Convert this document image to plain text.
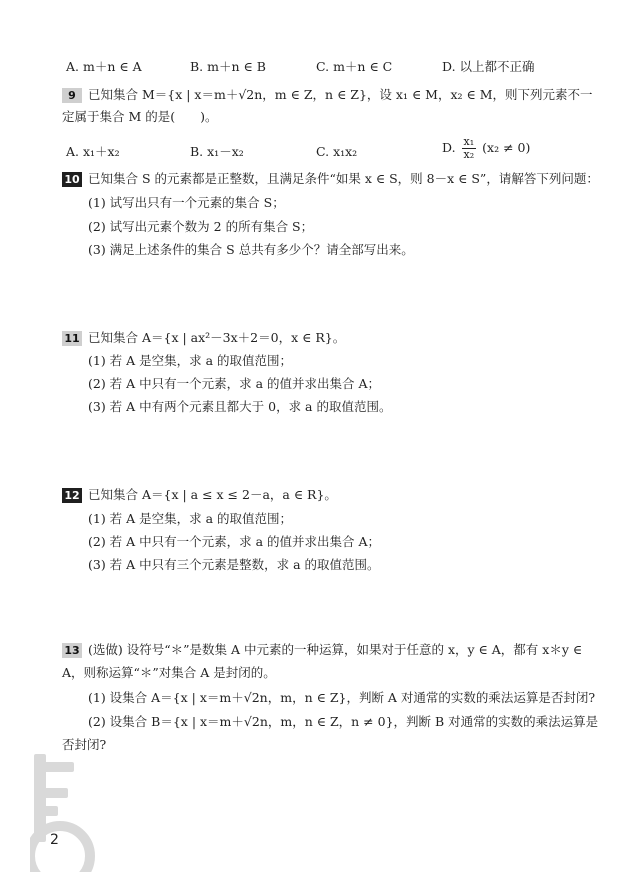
A. m＋n ∈ A	B. m＋n ∈ B	C. m＋n ∈ C	D. 以上都不正确
9 已知集合 M＝{x | x＝m＋√2n，m ∈ Z，n ∈ Z}，设 x₁ ∈ M，x₂ ∈ M，则下列元素不一
定属于集合 M 的是(　　)。
A. x₁＋x₂	B. x₁－x₂	C. x₁x₂	D. $\frac{\text{x₁}}{\text{x₂}} (x_2 \ne 0)$
10 已知集合 S 的元素都是正整数，且满足条件“如果 x ∈ S，则 8－x ∈ S”，请解答下列问题：
(1) 试写出只有一个元素的集合 S；
(2) 试写出元素个数为 2 的所有集合 S；
(3) 满足上述条件的集合 S 总共有多少个？请全部写出来。
11 已知集合 A＝{x | ax²－3x＋2＝0，x ∈ R}。
(1) 若 A 是空集，求 a 的取值范围；
(2) 若 A 中只有一个元素，求 a 的值并求出集合 A；
(3) 若 A 中有两个元素且都大于 0，求 a 的取值范围。
12 已知集合 A＝{x | a ≤ x ≤ 2－a，a ∈ R}。
(1) 若 A 是空集，求 a 的取值范围；
(2) 若 A 中只有一个元素，求 a 的值并求出集合 A；
(3) 若 A 中只有三个元素是整数，求 a 的取值范围。
13 (选做) 设符号“＊”是数集 A 中元素的一种运算，如果对于任意的 x，y ∈ A，都有 x＊y ∈
A，则称运算“＊”对集合 A 是封闭的。
(1) 设集合 A＝{x | x＝m＋√2n，m，n ∈ Z}，判断 A 对通常的实数的乘法运算是否封闭?
(2) 设集合 B＝{x | x＝m＋√2n，m，n ∈ Z，n ≠ 0}，判断 B 对通常的实数的乘法运算是
否封闭?
2
